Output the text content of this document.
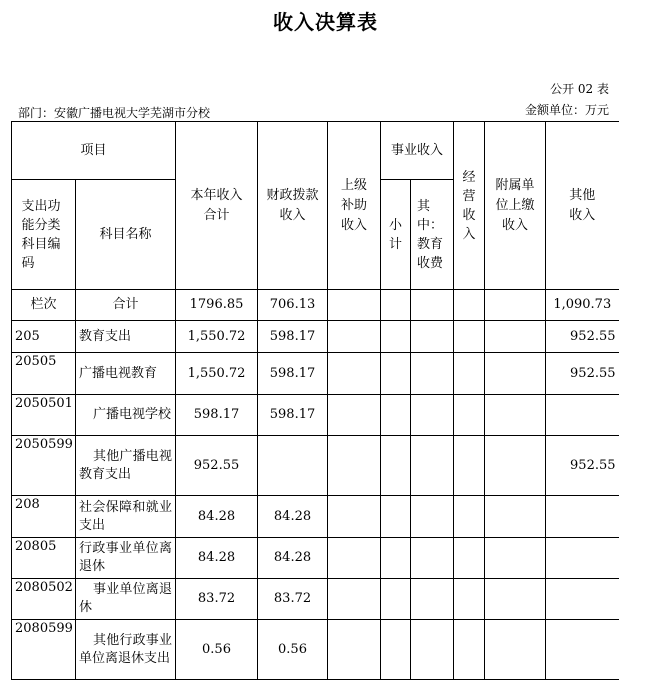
收入决算表
公开 02 表
部门：安徽广播电视大学芜湖市分校	金额单位：万元
项目		本年收入合计	财政拨款收入	上级补助收入	事业收入		经营收入	附属单位上缴收入	其他收入

支出功能分类科目编码	科目名称				小计	其中：教育收费			

栏次	合计	1796.85	706.13						1,090.73
205	教育支出	1,550.72	598.17						952.55
20505	广播电视教育	1,550.72	598.17						952.55
2050501	广播电视学校	598.17	598.17						
2050599	其他广播电视教育支出	952.55							952.55
208	社会保障和就业支出	84.28	84.28						
20805	行政事业单位离退休	84.28	84.28						
2080502	事业单位离退休	83.72	83.72						
2080599	其他行政事业单位离退休支出	0.56	0.56						
